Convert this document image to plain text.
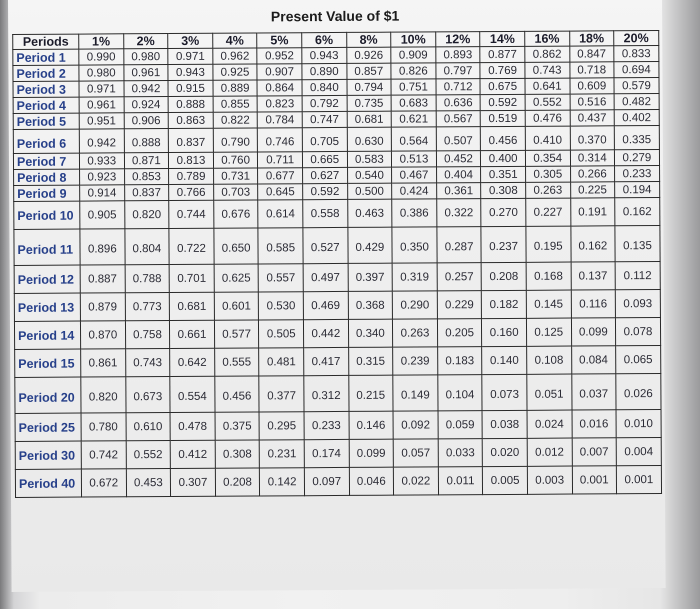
Present Value of $1
Periods	1%	2%	3%	4%	5%	6%	8%	10%	12%	14%	16%	18%	20%
Period 1	0.990	0.980	0.971	0.962	0.952	0.943	0.926	0.909	0.893	0.877	0.862	0.847	0.833
Period 2	0.980	0.961	0.943	0.925	0.907	0.890	0.857	0.826	0.797	0.769	0.743	0.718	0.694
Period 3	0.971	0.942	0.915	0.889	0.864	0.840	0.794	0.751	0.712	0.675	0.641	0.609	0.579
Period 4	0.961	0.924	0.888	0.855	0.823	0.792	0.735	0.683	0.636	0.592	0.552	0.516	0.482
Period 5	0.951	0.906	0.863	0.822	0.784	0.747	0.681	0.621	0.567	0.519	0.476	0.437	0.402
Period 6	0.942	0.888	0.837	0.790	0.746	0.705	0.630	0.564	0.507	0.456	0.410	0.370	0.335
Period 7	0.933	0.871	0.813	0.760	0.711	0.665	0.583	0.513	0.452	0.400	0.354	0.314	0.279
Period 8	0.923	0.853	0.789	0.731	0.677	0.627	0.540	0.467	0.404	0.351	0.305	0.266	0.233
Period 9	0.914	0.837	0.766	0.703	0.645	0.592	0.500	0.424	0.361	0.308	0.263	0.225	0.194
Period 10	0.905	0.820	0.744	0.676	0.614	0.558	0.463	0.386	0.322	0.270	0.227	0.191	0.162
Period 11	0.896	0.804	0.722	0.650	0.585	0.527	0.429	0.350	0.287	0.237	0.195	0.162	0.135
Period 12	0.887	0.788	0.701	0.625	0.557	0.497	0.397	0.319	0.257	0.208	0.168	0.137	0.112
Period 13	0.879	0.773	0.681	0.601	0.530	0.469	0.368	0.290	0.229	0.182	0.145	0.116	0.093
Period 14	0.870	0.758	0.661	0.577	0.505	0.442	0.340	0.263	0.205	0.160	0.125	0.099	0.078
Period 15	0.861	0.743	0.642	0.555	0.481	0.417	0.315	0.239	0.183	0.140	0.108	0.084	0.065
Period 20	0.820	0.673	0.554	0.456	0.377	0.312	0.215	0.149	0.104	0.073	0.051	0.037	0.026
Period 25	0.780	0.610	0.478	0.375	0.295	0.233	0.146	0.092	0.059	0.038	0.024	0.016	0.010
Period 30	0.742	0.552	0.412	0.308	0.231	0.174	0.099	0.057	0.033	0.020	0.012	0.007	0.004
Period 40	0.672	0.453	0.307	0.208	0.142	0.097	0.046	0.022	0.011	0.005	0.003	0.001	0.001
